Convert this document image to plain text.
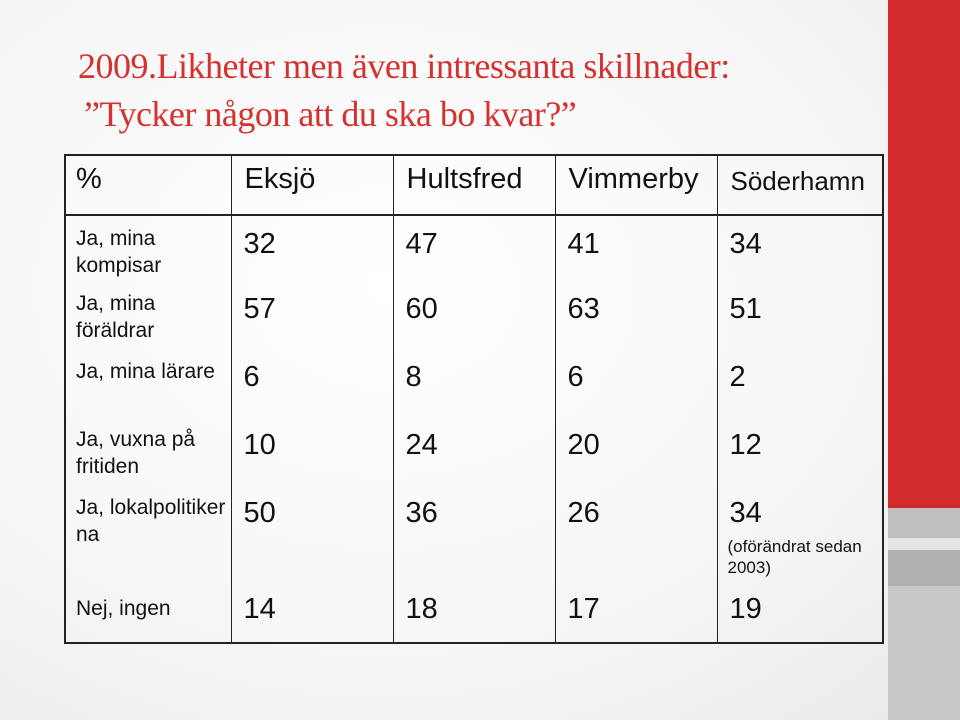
2009.Likheter men även intressanta skillnader:
”Tycker någon att du ska bo kvar?”
%	Eksjö	Hultsfred	Vimmerby	Söderhamn
Ja, mina kompisar	32	47	41	34
Ja, mina föräldrar	57	60	63	51
Ja, mina lärare	6	8	6	2
Ja, vuxna på fritiden	10	24	20	12
Ja, lokalpolitiker na	50	36	26	34
(oförändrat sedan 2003)

Nej, ingen	14	18	17	19
